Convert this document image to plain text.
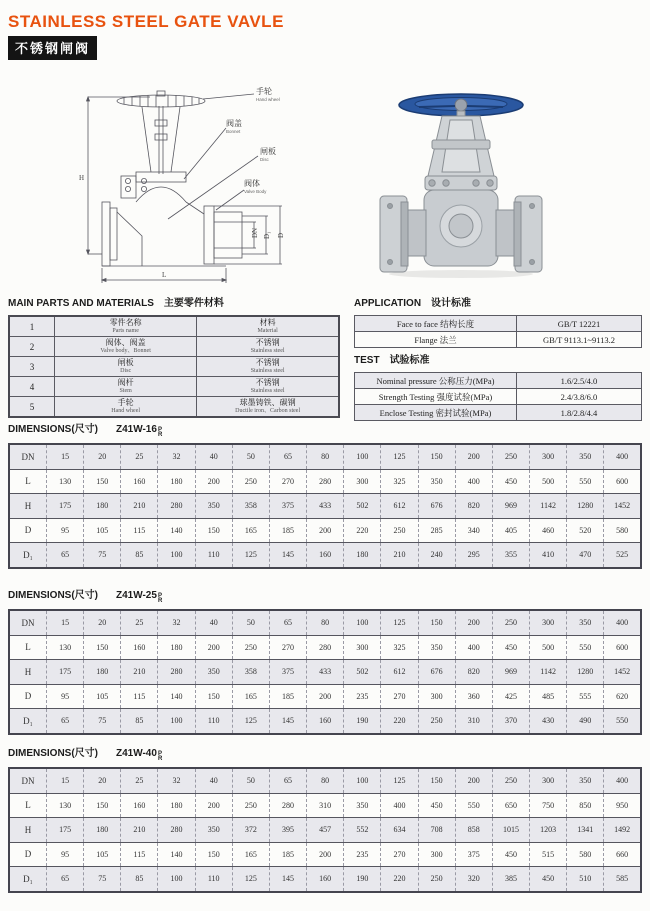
STAINLESS STEEL GATE VAVLE
不锈钢闸阀
H
L
DN D₁ D
手轮
Hand wheel
阀盖
Bonnet
闸板
Disc
阀体
Valve Body
MAIN PARTS AND MATERIALS 主要零件材料
1	零件名称
Parts name

材料
Material

2	阀体、阀盖
Valve body、Bonnet

不锈钢
Stainless steel

3	闸板
Disc

不锈钢
Stainless steel

4	阀杆
Stem

不锈钢
Stainless steel

5	手轮
Hand wheel

球墨铸铁、碳钢
Ductile iron、Carbon steel
APPLICATION 设计标准
Face to face 结构长度	GB/T 12221
Flange 法兰	GB/T 9113.1~9113.2
TEST 试验标准
Nominal pressure 公称压力(MPa)	1.6/2.5/4.0
Strength Testing 强度试验(MPa)	2.4/3.8/6.0
Enclose Testing 密封试验(MPa)	1.8/2.8/4.4
DIMENSIONS(尺寸) Z41W-16 P
R
DN	15	20	25	32	40	50	65	80	100	125	150	200	250	300	350	400
L	130	150	160	180	200	250	270	280	300	325	350	400	450	500	550	600
H	175	180	210	280	350	358	375	433	502	612	676	820	969	1142	1280	1452
D	95	105	115	140	150	165	185	200	220	250	285	340	405	460	520	580
D₁	65	75	85	100	110	125	145	160	180	210	240	295	355	410	470	525
DIMENSIONS(尺寸) Z41W-25 P
R
DN	15	20	25	32	40	50	65	80	100	125	150	200	250	300	350	400
L	130	150	160	180	200	250	270	280	300	325	350	400	450	500	550	600
H	175	180	210	280	350	358	375	433	502	612	676	820	969	1142	1280	1452
D	95	105	115	140	150	165	185	200	235	270	300	360	425	485	555	620
D₁	65	75	85	100	110	125	145	160	190	220	250	310	370	430	490	550
DIMENSIONS(尺寸) Z41W-40 P
R
DN	15	20	25	32	40	50	65	80	100	125	150	200	250	300	350	400
L	130	150	160	180	200	250	280	310	350	400	450	550	650	750	850	950
H	175	180	210	280	350	372	395	457	552	634	708	858	1015	1203	1341	1492
D	95	105	115	140	150	165	185	200	235	270	300	375	450	515	580	660
D₁	65	75	85	100	110	125	145	160	190	220	250	320	385	450	510	585
